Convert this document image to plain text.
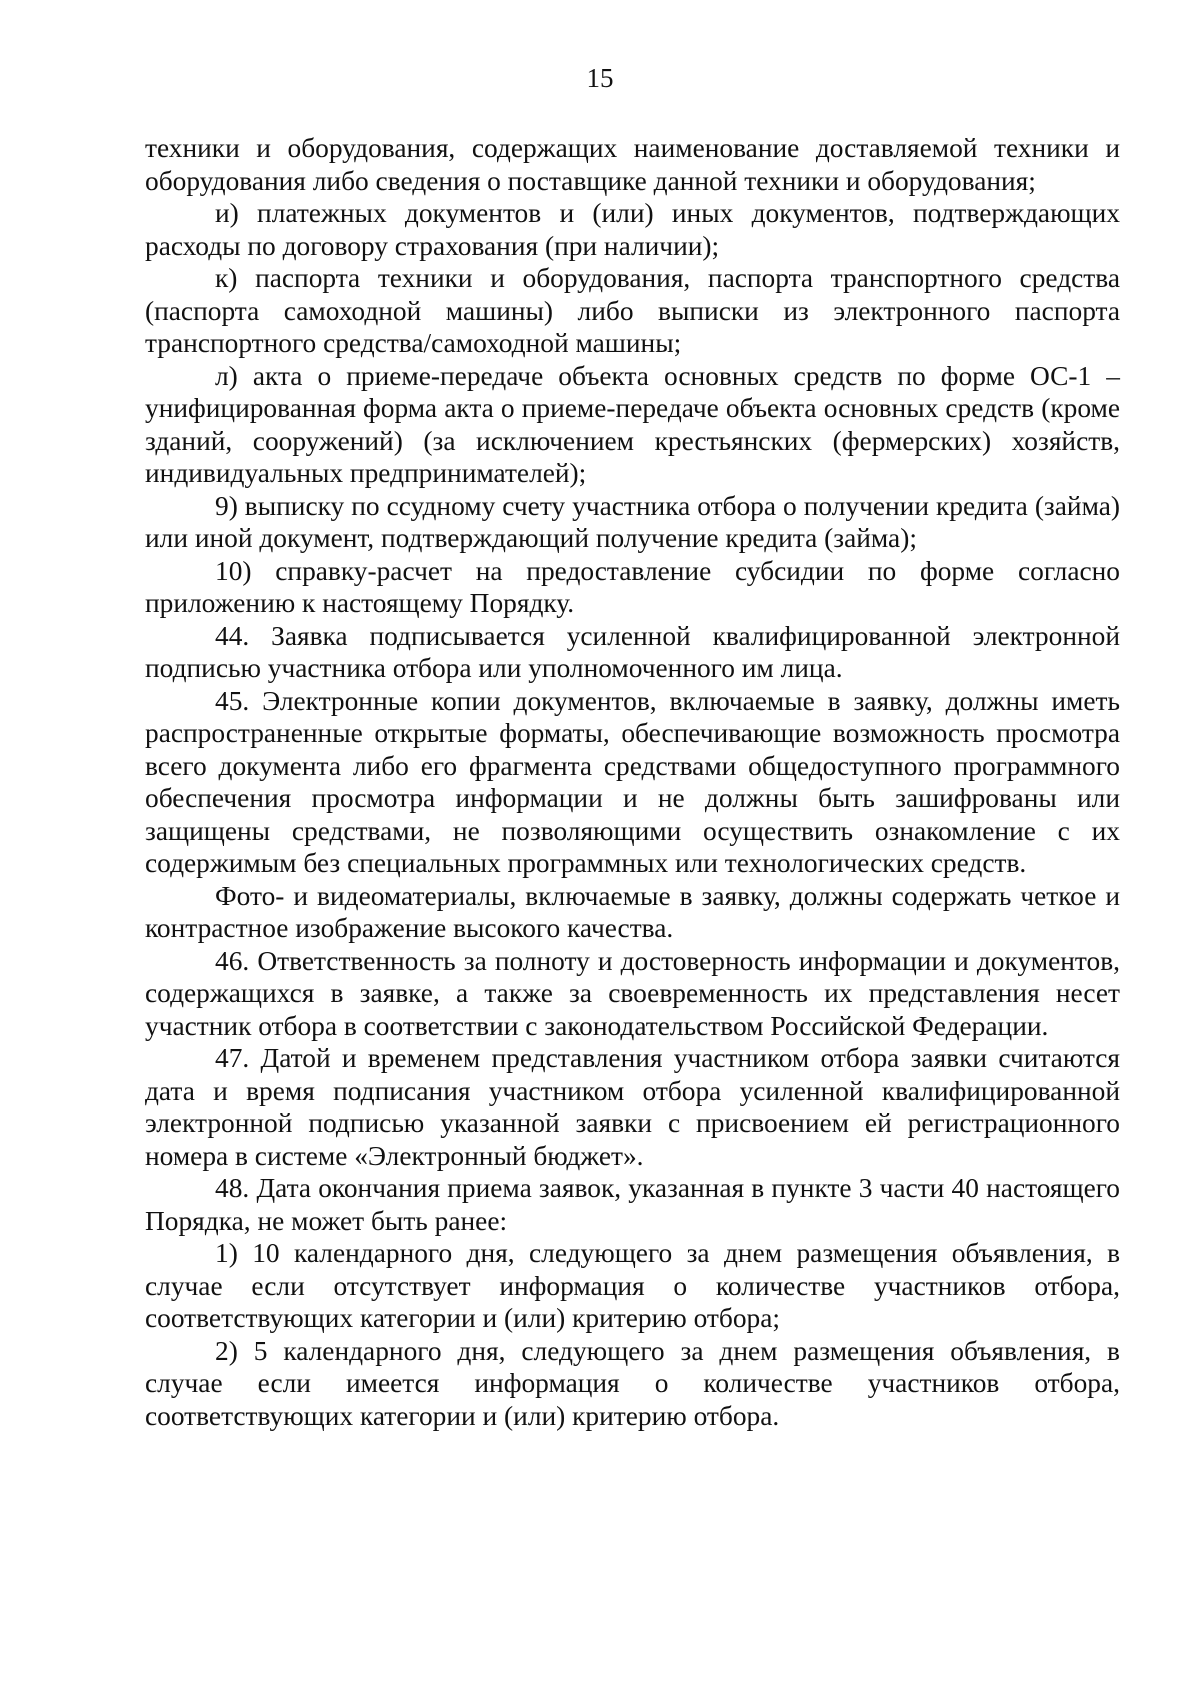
15

техники и оборудования, содержащих наименование доставляемой техники и оборудования либо сведения о поставщике данной техники и оборудования;

и) платежных документов и (или) иных документов, подтверждающих расходы по договору страхования (при наличии);

к) паспорта техники и оборудования, паспорта транспортного средства (паспорта самоходной машины) либо выписки из электронного паспорта транспортного средства/самоходной машины;

л) акта о приеме-передаче объекта основных средств по форме ОС-1 – унифицированная форма акта о приеме-передаче объекта основных средств (кроме зданий, сооружений) (за исключением крестьянских (фермерских) хозяйств, индивидуальных предпринимателей);

9) выписку по ссудному счету участника отбора о получении кредита (займа) или иной документ, подтверждающий получение кредита (займа);

10) справку-расчет на предоставление субсидии по форме согласно приложению к настоящему Порядку.

44. Заявка подписывается усиленной квалифицированной электронной подписью участника отбора или уполномоченного им лица.

45. Электронные копии документов, включаемые в заявку, должны иметь распространенные открытые форматы, обеспечивающие возможность просмотра всего документа либо его фрагмента средствами общедоступного программного обеспечения просмотра информации и не должны быть зашифрованы или защищены средствами, не позволяющими осуществить ознакомление с их содержимым без специальных программных или технологических средств.

Фото- и видеоматериалы, включаемые в заявку, должны содержать четкое и контрастное изображение высокого качества.

46. Ответственность за полноту и достоверность информации и документов, содержащихся в заявке, а также за своевременность их представления несет участник отбора в соответствии с законодательством Российской Федерации.

47. Датой и временем представления участником отбора заявки считаются дата и время подписания участником отбора усиленной квалифицированной электронной подписью указанной заявки с присвоением ей регистрационного номера в системе «Электронный бюджет».

48. Дата окончания приема заявок, указанная в пункте 3 части 40 настоящего Порядка, не может быть ранее:

1) 10 календарного дня, следующего за днем размещения объявления, в случае если отсутствует информация о количестве участников отбора, соответствующих категории и (или) критерию отбора;

2) 5 календарного дня, следующего за днем размещения объявления, в случае если имеется информация о количестве участников отбора, соответствующих категории и (или) критерию отбора.
